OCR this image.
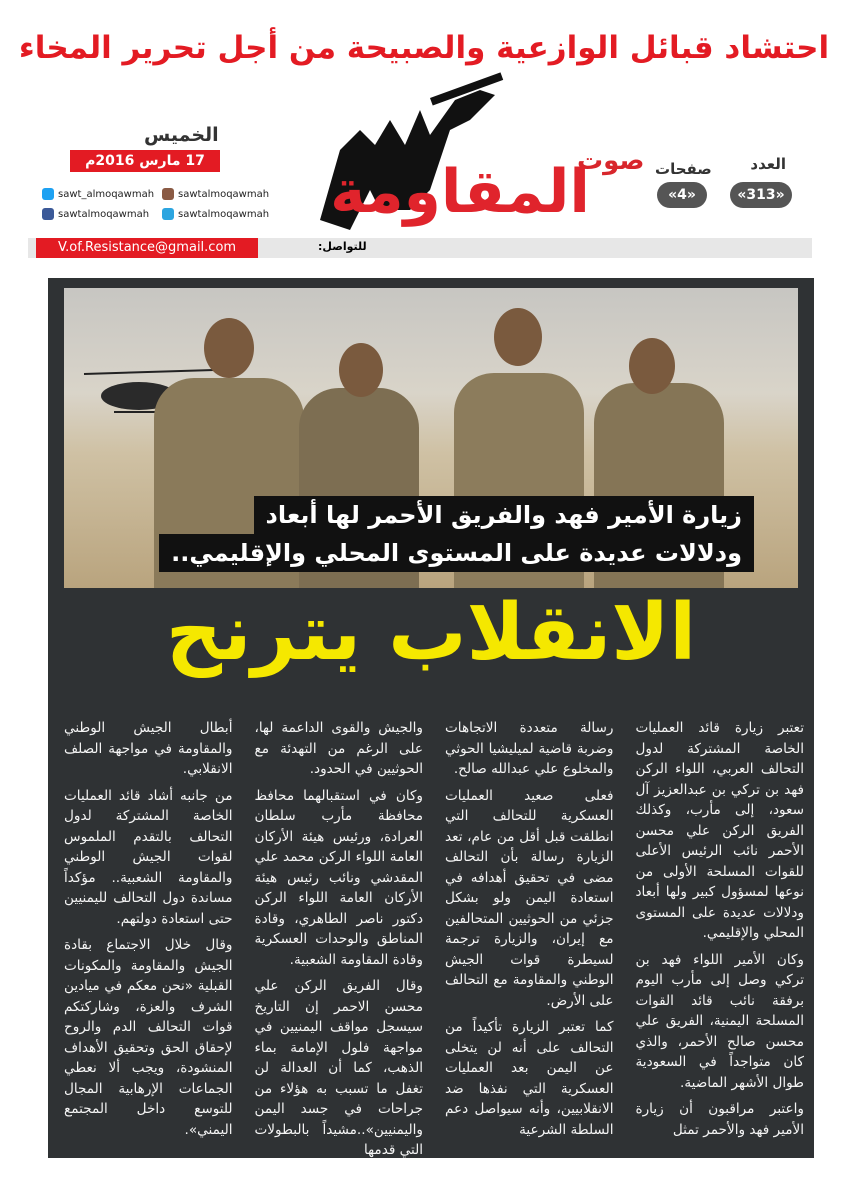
احتشاد قبائل الوازعية والصبيحة من أجل تحرير المخاء
صوت
المقاومة	العدد
«313»
صفحات
«4»
الخميس
17 مارس 2016م
sawt_almoqawmah sawtalmoqawmah
sawtalmoqawmah	sawtalmoqawmah
V.of.Resistance@gmail.com	للتواصل:
زيارة الأمير فهد والفريق الأحمر لها أبعاد
ودلالات عديدة على المستوى المحلي والإقليمي..
الانقلاب يترنح

تعتبر زيارة قائد العمليات الخاصة المشتركة لدول التحالف العربي، اللواء الركن فهد بن تركي بن عبدالعزيز آل سعود، إلى مأرب، وكذلك الفريق الركن علي محسن الأحمر نائب الرئيس الأعلى للقوات المسلحة الأولى من نوعها لمسؤول كبير ولها أبعاد ودلالات عديدة على المستوى المحلي والإقليمي.

وكان الأمير اللواء فهد بن تركي وصل إلى مأرب اليوم برفقة نائب قائد القوات المسلحة اليمنية، الفريق علي محسن صالح الأحمر، والذي كان متواجداً في السعودية طوال الأشهر الماضية.

واعتبر مراقبون أن زيارة الأمير فهد والأحمر تمثل

رسالة متعددة الاتجاهات وضربة قاضية لميليشيا الحوثي والمخلوع علي عبدالله صالح.

فعلى صعيد العمليات العسكرية للتحالف التي انطلقت قبل أقل من عام، تعد الزيارة رسالة بأن التحالف مضى في تحقيق أهدافه في استعادة اليمن ولو بشكل جزئي من الحوثيين المتحالفين مع إيران، والزيارة ترجمة لسيطرة قوات الجيش الوطني والمقاومة مع التحالف على الأرض.

كما تعتبر الزيارة تأكيداً من التحالف على أنه لن يتخلى عن اليمن بعد العمليات العسكرية التي نفذها ضد الانقلابيين، وأنه سيواصل دعم السلطة الشرعية

والجيش والقوى الداعمة لها، على الرغم من التهدئة مع الحوثيين في الحدود.

وكان في استقبالهما محافظ محافظة مأرب سلطان العرادة، ورئيس هيئة الأركان العامة اللواء الركن محمد علي المقدشي ونائب رئيس هيئة الأركان العامة اللواء الركن دكتور ناصر الطاهري، وقادة المناطق والوحدات العسكرية وقادة المقاومة الشعبية.

وقال الفريق الركن علي محسن الاحمر إن التاريخ سيسجل مواقف اليمنيين في مواجهة فلول الإمامة بماء الذهب، كما أن العدالة لن تغفل ما تسبب به هؤلاء من جراحات في جسد اليمن واليمنيين»..مشيداً بالبطولات التي قدمها

أبطال الجيش الوطني والمقاومة في مواجهة الصلف الانقلابي.

من جانبه أشاد قائد العمليات الخاصة المشتركة لدول التحالف بالتقدم الملموس لقوات الجيش الوطني والمقاومة الشعبية.. مؤكداً مساندة دول التحالف لليمنيين حتى استعادة دولتهم.

وقال خلال الاجتماع بقادة الجيش والمقاومة والمكونات القبلية «نحن معكم في ميادين الشرف والعزة، وشاركتكم قوات التحالف الدم والروح لإحقاق الحق وتحقيق الأهداف المنشودة، ويجب ألا نعطي الجماعات الإرهابية المجال للتوسع داخل المجتمع اليمني».
